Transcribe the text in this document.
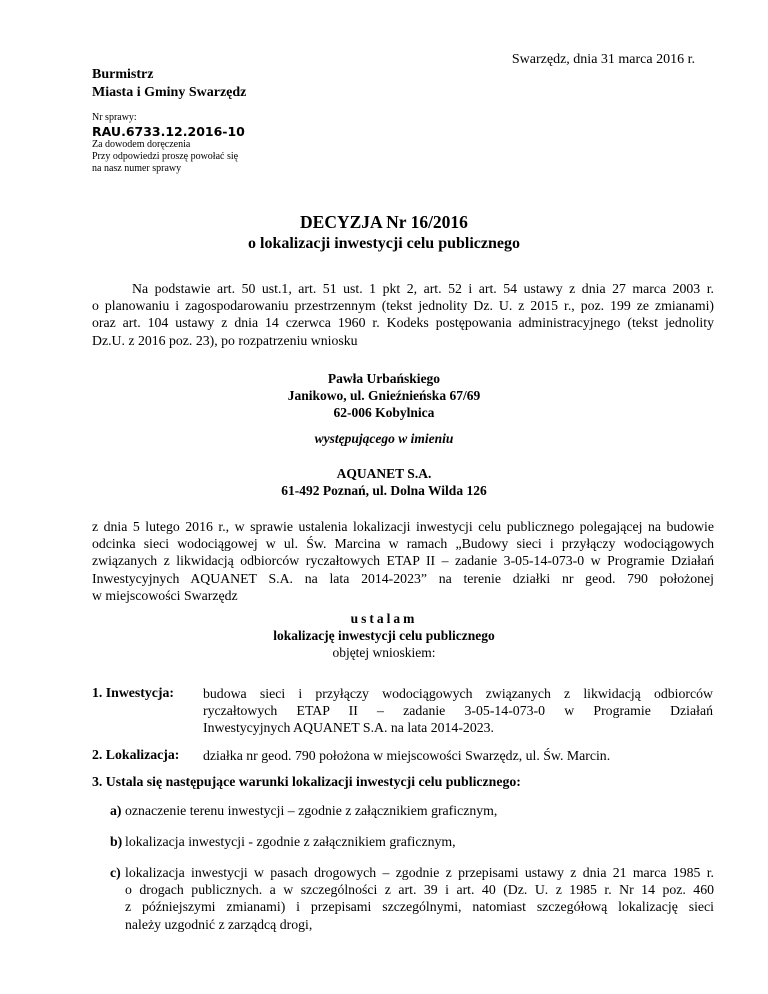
Swarzędz, dnia 31 marca 2016 r.
Burmistrz
Miasta i Gminy Swarzędz
Nr sprawy:
RAU.6733.12.2016-10
Za dowodem doręczenia
Przy odpowiedzi proszę powołać się
na nasz numer sprawy
DECYZJA Nr 16/2016
o lokalizacji inwestycji celu publicznego
Na podstawie art. 50 ust.1, art. 51 ust. 1 pkt 2, art. 52 i art. 54 ustawy z dnia 27 marca 2003 r.
o planowaniu i zagospodarowaniu przestrzennym (tekst jednolity Dz. U. z 2015 r., poz. 199 ze zmianami)
oraz art. 104 ustawy z dnia 14 czerwca 1960 r. Kodeks postępowania administracyjnego (tekst jednolity
Dz.U. z 2016 poz. 23), po rozpatrzeniu wniosku
Pawła Urbańskiego
Janikowo, ul. Gnieźnieńska 67/69
62-006 Kobylnica
występującego w imieniu
AQUANET S.A.
61-492 Poznań, ul. Dolna Wilda 126
z dnia 5 lutego 2016 r., w sprawie ustalenia lokalizacji inwestycji celu publicznego polegającej na budowie
odcinka sieci wodociągowej w ul. Św. Marcina w ramach „Budowy sieci i przyłączy wodociągowych
związanych z likwidacją odbiorców ryczałtowych ETAP II – zadanie 3-05-14-073-0 w Programie Działań
Inwestycyjnych AQUANET S.A. na lata 2014-2023” na terenie działki nr geod. 790 położonej
w miejscowości Swarzędz
ustalam
lokalizację inwestycji celu publicznego
objętej wnioskiem:
1. Inwestycja: budowa sieci i przyłączy wodociągowych związanych z likwidacją odbiorców
ryczałtowych ETAP II – zadanie 3-05-14-073-0 w Programie Działań
Inwestycyjnych AQUANET S.A. na lata 2014-2023.
2. Lokalizacja: działka nr geod. 790 położona w miejscowości Swarzędz, ul. Św. Marcin.
3. Ustala się następujące warunki lokalizacji inwestycji celu publicznego:
a) oznaczenie terenu inwestycji – zgodnie z załącznikiem graficznym,
b) lokalizacja inwestycji - zgodnie z załącznikiem graficznym,
c) lokalizacja inwestycji w pasach drogowych – zgodnie z przepisami ustawy z dnia 21 marca 1985 r.
o drogach publicznych. a w szczególności z art. 39 i art. 40 (Dz. U. z 1985 r. Nr 14 poz. 460
z późniejszymi zmianami) i przepisami szczególnymi, natomiast szczegółową lokalizację sieci
należy uzgodnić z zarządcą drogi,
